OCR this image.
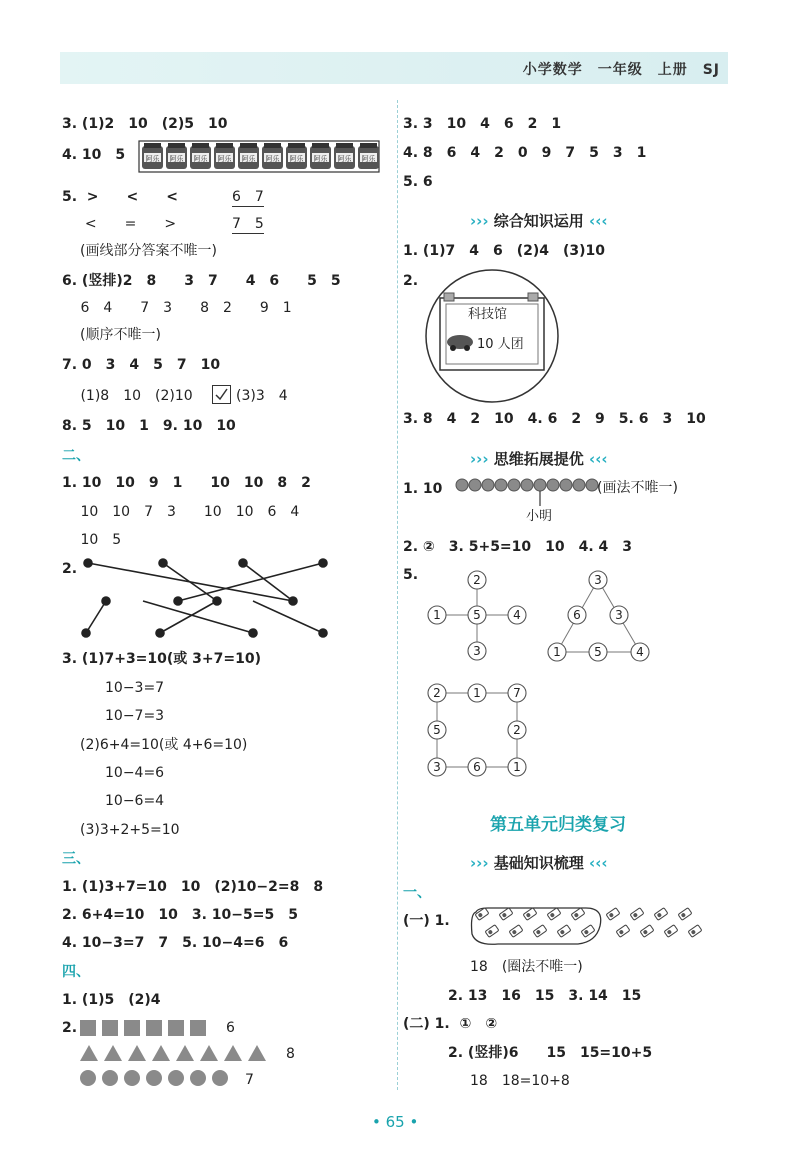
小学数学　一年级　上册　SJ
3. (1)2　10　(2)5　10
4. 10　5	阿乐 阿乐 阿乐 阿乐 阿乐 阿乐 阿乐 阿乐 阿乐 阿乐
5.  >　　<　　<	6　7
　  <　　=　　>	7　5
(画线部分答案不唯一)
6. (竖排)2　8　　3　7　　4　6　　5　5
　 6　4　　7　3　　8　2　　9　1
(顺序不唯一)
7. 0　3　4　5　7　10
　 (1)8　10　(2)10	(3)3　4
8. 5　10　1　9. 10　10
二、
1. 10　10　9　1　　10　10　8　2
　 10　10　7　3　　10　10　6　4
　 10　5
2.
3. (1)7+3=10(或 3+7=10)
10−3=7
10−7=3
(2)6+4=10(或 4+6=10)
10−4=6
10−6=4
(3)3+2+5=10
三、
1. (1)3+7=10　10　(2)10−2=8　8
2. 6+4=10　10　3. 10−5=5　5
4. 10−3=7　7　5. 10−4=6　6
四、
1. (1)5　(2)4
2.	6
8
7
3. 3　10　4　6　2　1
4. 8　6　4　2　0　9　7　5　3　1
5. 6
››› 综合知识运用 ‹‹‹
1. (1)7　4　6　(2)4　(3)10
2.
科技馆
10 人团
3. 8　4　2　10　4. 6　2　9　5. 6　3　10
››› 思维拓展提优 ‹‹‹
1. 10	(画法不唯一)
小明
2. ②　3. 5+5=10　10　4. 4　3
5.	2
1	5	4
3
3
6	3
1	5	4
2	1	7
5	2
3	6	1
第五单元归类复习
››› 基础知识梳理 ‹‹‹
一、
(一) 1.
18　(圈法不唯一)
2. 13　16　15　3. 14　15
(二) 1.  ①　②
2. (竖排)6　　15　15=10+5
18　18=10+8
• 65 •
